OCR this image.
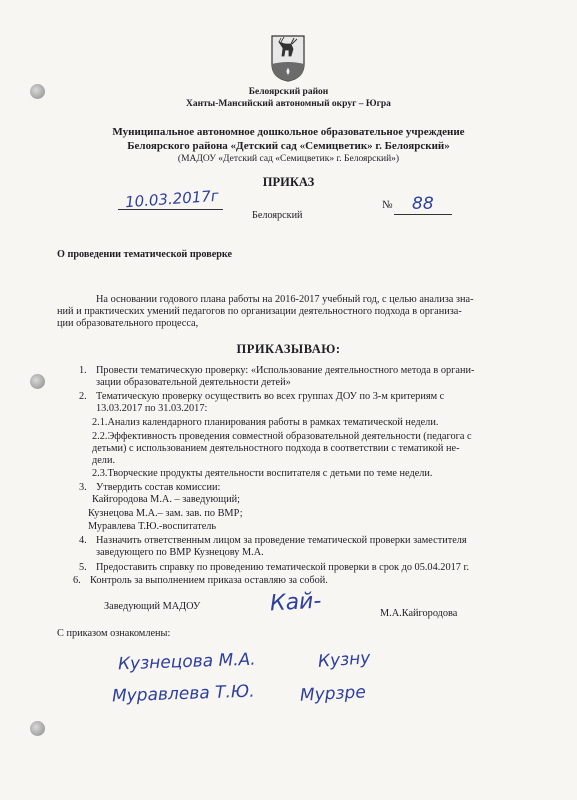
Белоярский район
Ханты-Мансийский автономный округ – Югра
Муниципальное автономное дошкольное образовательное учреждение
Белоярского района «Детский сад «Семицветик» г. Белоярский»
(МАДОУ «Детский сад «Семицветик» г. Белоярский»)
ПРИКАЗ
10.03.2017г
Белоярский
№ 88
О проведении тематической проверке
На основании годового плана работы на 2016-2017 учебный год, с целью анализа зна-
ний и практических умений педагогов по организации деятельностного подхода в организа-
ции образовательного процесса,
ПРИКАЗЫВАЮ:
1. Провести тематическую проверку: «Использование деятельностного метода в органи-
зации образовательной деятельности детей»
2. Тематическую проверку осуществить во всех группах ДОУ по 3-м критериям с
13.03.2017 по 31.03.2017:
2.1.Анализ календарного планирования работы в рамках тематической недели.
2.2.Эффективность проведения совместной образовательной деятельности (педагога с
детьми) с использованием деятельностного подхода в соответствии с тематикой не-
дели.
2.3.Творческие продукты деятельности воспитателя с детьми по теме недели.
3. Утвердить состав комиссии:
Кайгородова М.А. – заведующий;
Кузнецова М.А.– зам. зав. по ВМР;
Муравлева Т.Ю.-воспитатель
4. Назначить ответственным лицом за проведение тематической проверки заместителя
заведующего по ВМР Кузнецову М.А.
5. Предоставить справку по проведению тематической проверки в срок до 05.04.2017 г.
6. Контроль за выполнением приказа оставляю за собой.
Заведующий МАДОУ	Кай-	М.А.Кайгородова
С приказом ознакомлены:
Кузнецова М.А.	Кузну
Муравлева Т.Ю.	Мурзре
